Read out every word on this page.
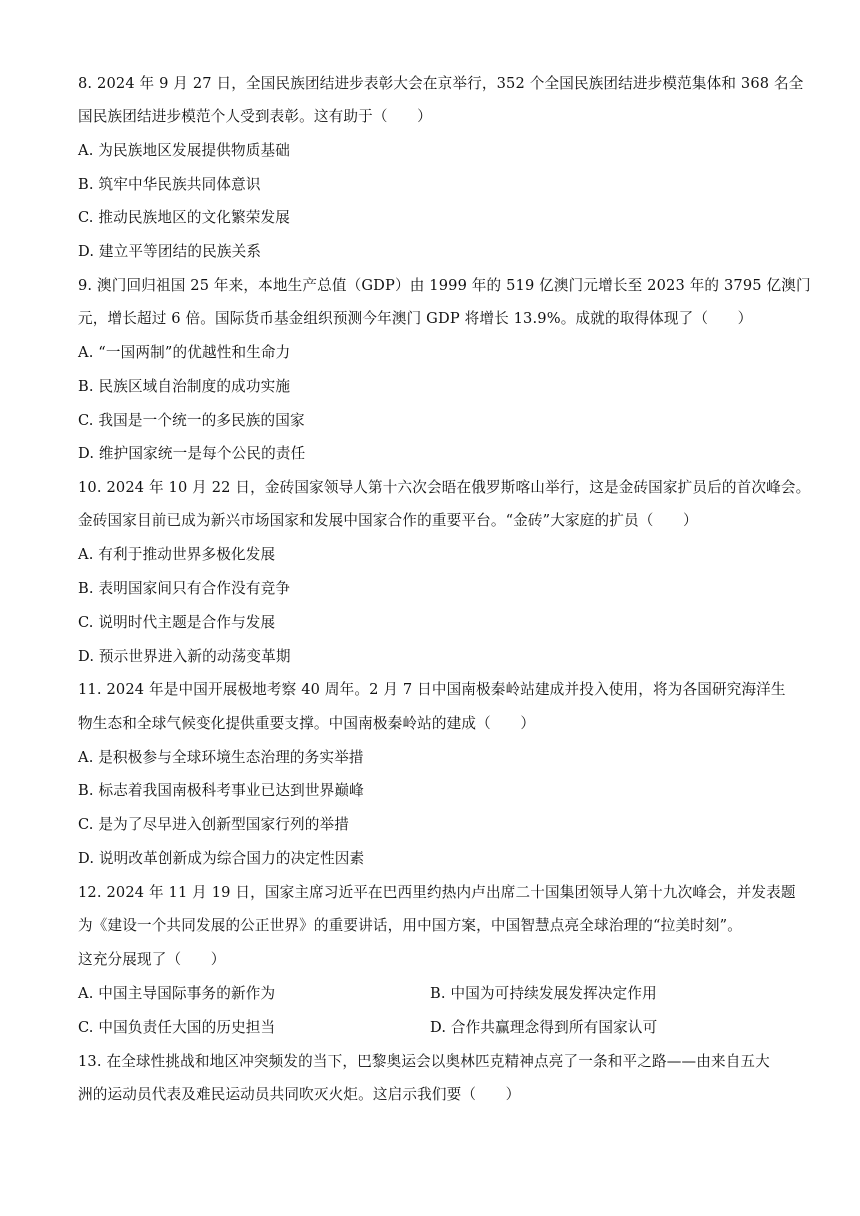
8. 2024 年 9 月 27 日，全国民族团结进步表彰大会在京举行，352 个全国民族团结进步模范集体和 368 名全
国民族团结进步模范个人受到表彰。这有助于（　　）
A. 为民族地区发展提供物质基础
B. 筑牢中华民族共同体意识
C. 推动民族地区的文化繁荣发展
D. 建立平等团结的民族关系
9. 澳门回归祖国 25 年来，本地生产总值（GDP）由 1999 年的 519 亿澳门元增长至 2023 年的 3795 亿澳门
元，增长超过 6 倍。国际货币基金组织预测今年澳门 GDP 将增长 13.9%。成就的取得体现了（　　）
A. “一国两制”的优越性和生命力
B. 民族区域自治制度的成功实施
C. 我国是一个统一的多民族的国家
D. 维护国家统一是每个公民的责任
10. 2024 年 10 月 22 日，金砖国家领导人第十六次会晤在俄罗斯喀山举行，这是金砖国家扩员后的首次峰会。
金砖国家目前已成为新兴市场国家和发展中国家合作的重要平台。“金砖”大家庭的扩员（　　）
A. 有利于推动世界多极化发展
B. 表明国家间只有合作没有竞争
C. 说明时代主题是合作与发展
D. 预示世界进入新的动荡变革期
11. 2024 年是中国开展极地考察 40 周年。2 月 7 日中国南极秦岭站建成并投入使用，将为各国研究海洋生
物生态和全球气候变化提供重要支撑。中国南极秦岭站的建成（　　）
A. 是积极参与全球环境生态治理的务实举措
B. 标志着我国南极科考事业已达到世界巅峰
C. 是为了尽早进入创新型国家行列的举措
D. 说明改革创新成为综合国力的决定性因素
12. 2024 年 11 月 19 日，国家主席习近平在巴西里约热内卢出席二十国集团领导人第十九次峰会，并发表题
为《建设一个共同发展的公正世界》的重要讲话，用中国方案，中国智慧点亮全球治理的“拉美时刻”。
这充分展现了（　　）
A. 中国主导国际事务的新作为	B. 中国为可持续发展发挥决定作用
C. 中国负责任大国的历史担当	D. 合作共赢理念得到所有国家认可
13. 在全球性挑战和地区冲突频发的当下，巴黎奥运会以奥林匹克精神点亮了一条和平之路——由来自五大
洲的运动员代表及难民运动员共同吹灭火炬。这启示我们要（　　）
